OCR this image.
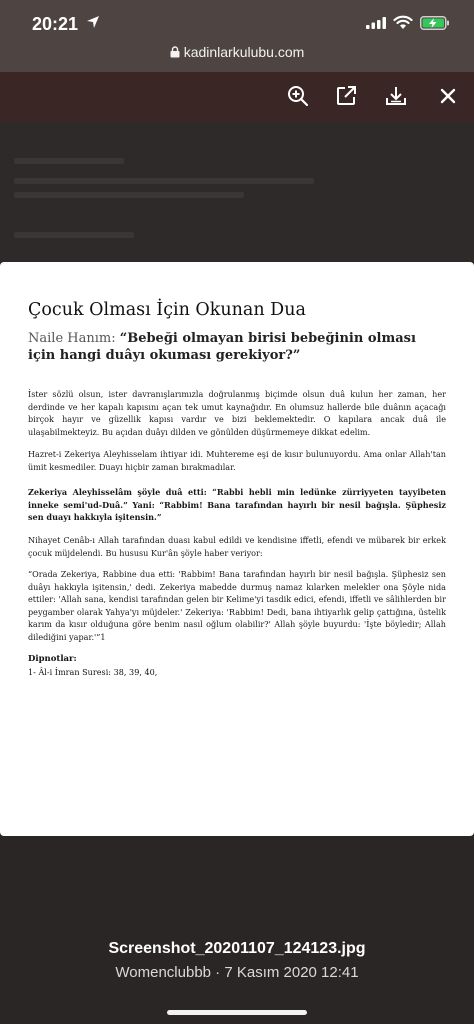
20:21
kadinlarkulubu.com
Çocuk Olması İçin Okunan Dua
Naile Hanım: “Bebeği olmayan birisi bebeğinin olması için hangi duâyı okuması gerekiyor?”

İster sözlü olsun, ister davranışlarımızla doğrulanmış biçimde olsun duâ kulun her zaman, her derdinde ve her kapalı kapısını açan tek umut kaynağıdır. En olumsuz hallerde bile duânın açacağı birçok hayır ve güzellik kapısı vardır ve bizi beklemektedir. O kapılara ancak duâ ile ulaşabilmekteyiz. Bu açıdan duâyı dilden ve gönülden düşürmemeye dikkat edelim.

Hazret-i Zekeriya Aleyhisselam ihtiyar idi. Muhtereme eşi de kısır bulunuyordu. Ama onlar Allah'tan ümit kesmediler. Duayı hiçbir zaman bırakmadılar.

Zekeriya Aleyhisselâm şöyle duâ etti: “Rabbi hebli min ledünke zürriyyeten tayyibeten inneke semi'ud-Duâ.” Yani: “Rabbim! Bana tarafından hayırlı bir nesil bağışla. Şüphesiz sen duayı hakkıyla işitensin.”

Nihayet Cenâb-ı Allah tarafından duası kabul edildi ve kendisine iffetli, efendi ve mübarek bir erkek çocuk müjdelendi. Bu hususu Kur'ân şöyle haber veriyor:

“Orada Zekeriya, Rabbine dua etti: 'Rabbim! Bana tarafından hayırlı bir nesil bağışla. Şüphesiz sen duâyı hakkıyla işitensin,' dedi. Zekeriya mabedde durmuş namaz kılarken melekler ona Şöyle nida ettiler: 'Allah sana, kendisi tarafından gelen bir Kelime'yi tasdik edici, efendi, iffetli ve sâlihlerden bir peygamber olarak Yahya'yı müjdeler.' Zekeriya: 'Rabbim! Dedi, bana ihtiyarlık gelip çattığına, üstelik karım da kısır olduğuna göre benim nasıl oğlum olabilir?' Allah şöyle buyurdu: 'İşte böyledir; Allah dilediğini yapar.'”1

Dipnotlar:
1- Âl-i İmran Suresi: 38, 39, 40,
Screenshot_20201107_124123.jpg
Womenclubbb · 7 Kasım 2020 12:41
